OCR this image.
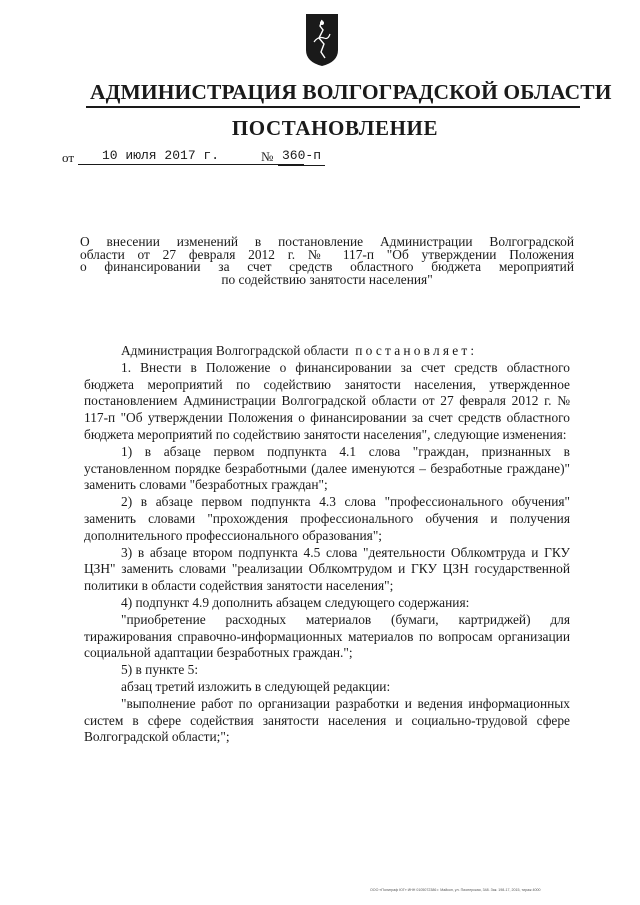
АДМИНИСТРАЦИЯ ВОЛГОГРАДСКОЙ ОБЛАСТИ
ПОСТАНОВЛЕНИЕ
от	10 июля 2017 г.	№ 360-п
О внесении изменений в постановление Администрации Волгоградской
области от 27 февраля 2012 г. № 117-п "Об утверждении Положения
о финансировании за счет средств областного бюджета мероприятий
по содействию занятости населения"

Администрация Волгоградской области постановляет:

1. Внести в Положение о финансировании за счет средств областного бюджета мероприятий по содействию занятости населения, утвержденное постановлением Администрации Волгоградской области от 27 февраля 2012 г. № 117-п "Об утверждении Положения о финансировании за счет средств областного бюджета мероприятий по содействию занятости населения", следующие изменения:

1) в абзаце первом подпункта 4.1 слова "граждан, признанных в установленном порядке безработными (далее именуются – безработные граждане)" заменить словами "безработных граждан";

2) в абзаце первом подпункта 4.3 слова "профессионального обучения" заменить словами "прохождения профессионального обучения и получения дополнительного профессионального образования";

3) в абзаце втором подпункта 4.5 слова "деятельности Облкомтруда и ГКУ ЦЗН" заменить словами "реализации Облкомтрудом и ГКУ ЦЗН государственной политики в области содействия занятости населения";

4) подпункт 4.9 дополнить абзацем следующего содержания:

"приобретение расходных материалов (бумаги, картриджей) для тиражирования справочно-информационных материалов по вопросам организации социальной адаптации безработных граждан.";

5) в пункте 5:

абзац третий изложить в следующей редакции:

"выполнение работ по организации разработки и ведения информационных систем в сфере содействия занятости населения и социально-трудовой сфере Волгоградской области;";

ООО «Полиграф ЮГ» ИНН 0105072386 г. Майкоп, ул. Пионерская, 348. Зак. 198-17, 2015, тираж 4000
